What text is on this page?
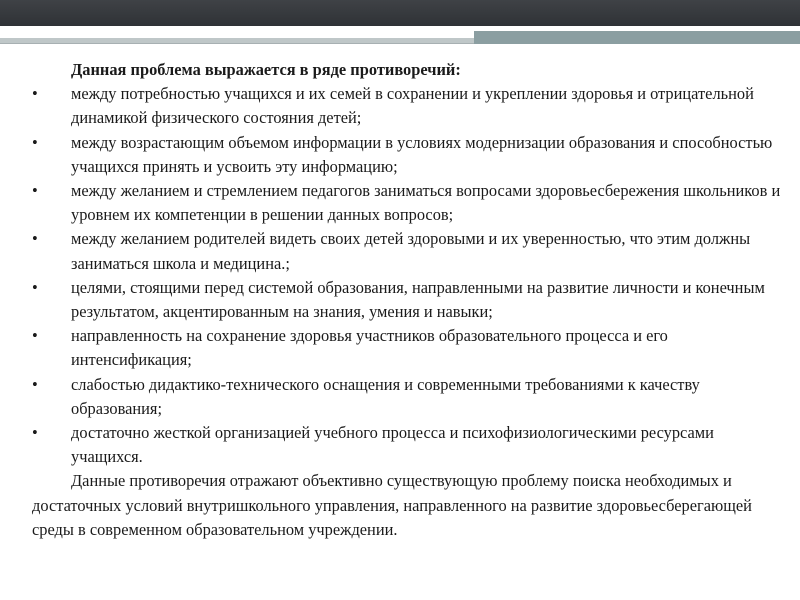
Данная проблема выражается в ряде противоречий:

• между потребностью учащихся и их семей в сохранении и укреплении здоровья и отрицательной динамикой физического состояния детей;
• между возрастающим объемом информации в условиях модернизации образования и способностью учащихся принять и усвоить эту информацию;
• между желанием и стремлением педагогов заниматься вопросами здоровьесбережения школьников и уровнем их компетенции в решении данных вопросов;
• между желанием родителей видеть своих детей здоровыми и их уверенностью, что этим должны заниматься школа и медицина.;
• целями, стоящими перед системой образования, направленными на развитие личности и конечным результатом, акцентированным на знания, умения и навыки;
• направленность на сохранение здоровья участников образовательного процесса и его интенсификация;
• слабостью дидактико-технического оснащения и современными требованиями к качеству образования;
• достаточно жесткой организацией учебного процесса и психофизиологическими ресурсами учащихся.

Данные противоречия отражают объективно существующую проблему поиска необходимых и достаточных условий внутришкольного управления, направленного на развитие здоровьесберегающей среды в современном образовательном учреждении.
